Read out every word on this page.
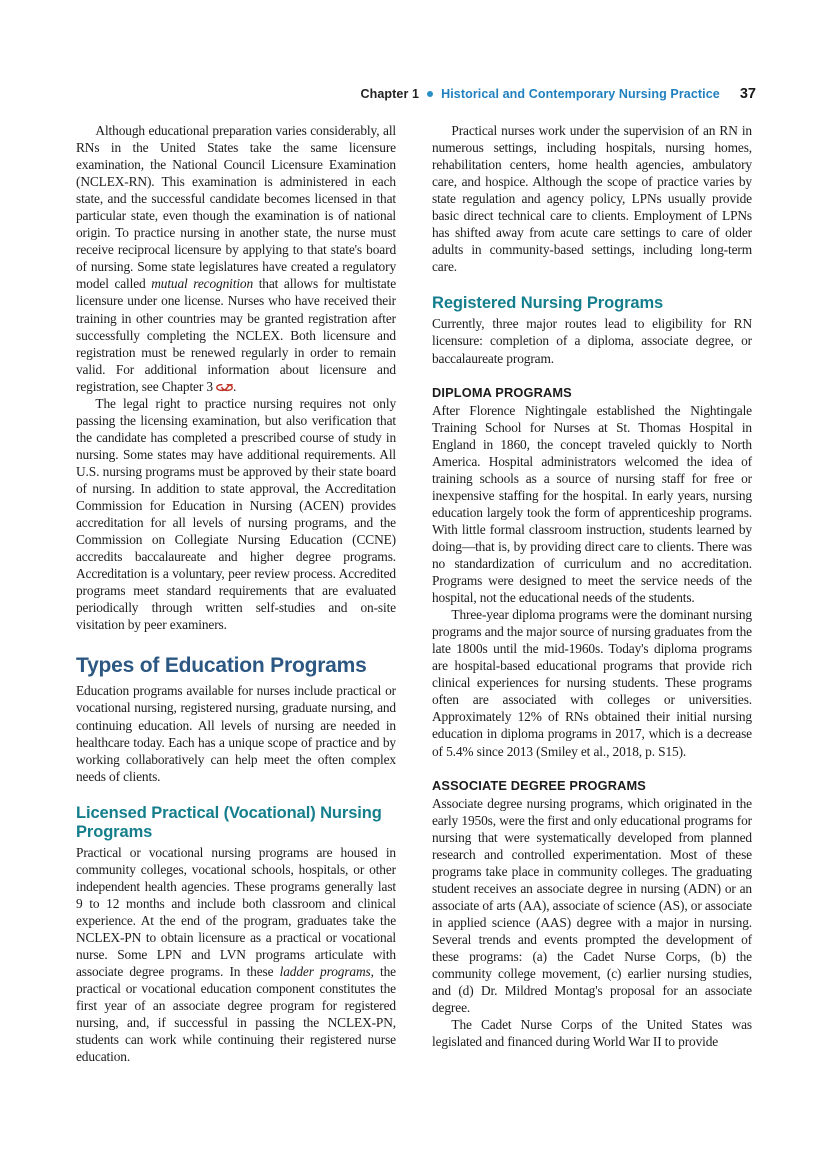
Chapter 1 Historical and Contemporary Nursing Practice 37

Although educational preparation varies considerably, all RNs in the United States take the same licensure examination, the National Council Licensure Examination (NCLEX-RN). This examination is administered in each state, and the successful candidate becomes licensed in that particular state, even though the examination is of national origin. To practice nursing in another state, the nurse must receive reciprocal licensure by applying to that state's board of nursing. Some state legislatures have created a regulatory model called mutual recognition that allows for multistate licensure under one license. Nurses who have received their training in other countries may be granted registration after successfully completing the NCLEX. Both licensure and registration must be renewed regularly in order to remain valid. For additional information about licensure and registration, see Chapter 3 .

The legal right to practice nursing requires not only passing the licensing examination, but also verification that the candidate has completed a prescribed course of study in nursing. Some states may have additional requirements. All U.S. nursing programs must be approved by their state board of nursing. In addition to state approval, the Accreditation Commission for Education in Nursing (ACEN) provides accreditation for all levels of nursing programs, and the Commission on Collegiate Nursing Education (CCNE) accredits baccalaureate and higher degree programs. Accreditation is a voluntary, peer review process. Accredited programs meet standard requirements that are evaluated periodically through written self-studies and on-site visitation by peer examiners.

Types of Education Programs

Education programs available for nurses include practical or vocational nursing, registered nursing, graduate nursing, and continuing education. All levels of nursing are needed in healthcare today. Each has a unique scope of practice and by working collaboratively can help meet the often complex needs of clients.

Licensed Practical (Vocational) Nursing Programs

Practical or vocational nursing programs are housed in community colleges, vocational schools, hospitals, or other independent health agencies. These programs generally last 9 to 12 months and include both classroom and clinical experience. At the end of the program, graduates take the NCLEX-PN to obtain licensure as a practical or vocational nurse. Some LPN and LVN programs articulate with associate degree programs. In these ladder programs, the practical or vocational education component constitutes the first year of an associate degree program for registered nursing, and, if successful in passing the NCLEX-PN, students can work while continuing their registered nurse education.

Practical nurses work under the supervision of an RN in numerous settings, including hospitals, nursing homes, rehabilitation centers, home health agencies, ambulatory care, and hospice. Although the scope of practice varies by state regulation and agency policy, LPNs usually provide basic direct technical care to clients. Employment of LPNs has shifted away from acute care settings to care of older adults in community-based settings, including long-term care.

Registered Nursing Programs

Currently, three major routes lead to eligibility for RN licensure: completion of a diploma, associate degree, or baccalaureate program.

DIPLOMA PROGRAMS

After Florence Nightingale established the Nightingale Training School for Nurses at St. Thomas Hospital in England in 1860, the concept traveled quickly to North America. Hospital administrators welcomed the idea of training schools as a source of nursing staff for free or inexpensive staffing for the hospital. In early years, nursing education largely took the form of apprenticeship programs. With little formal classroom instruction, students learned by doing—that is, by providing direct care to clients. There was no standardization of curriculum and no accreditation. Programs were designed to meet the service needs of the hospital, not the educational needs of the students.

Three-year diploma programs were the dominant nursing programs and the major source of nursing graduates from the late 1800s until the mid-1960s. Today's diploma programs are hospital-based educational programs that provide rich clinical experiences for nursing students. These programs often are associated with colleges or universities. Approximately 12% of RNs obtained their initial nursing education in diploma programs in 2017, which is a decrease of 5.4% since 2013 (Smiley et al., 2018, p. S15).

ASSOCIATE DEGREE PROGRAMS

Associate degree nursing programs, which originated in the early 1950s, were the first and only educational programs for nursing that were systematically developed from planned research and controlled experimentation. Most of these programs take place in community colleges. The graduating student receives an associate degree in nursing (ADN) or an associate of arts (AA), associate of science (AS), or associate in applied science (AAS) degree with a major in nursing. Several trends and events prompted the development of these programs: (a) the Cadet Nurse Corps, (b) the community college movement, (c) earlier nursing studies, and (d) Dr. Mildred Montag's proposal for an associate degree.

The Cadet Nurse Corps of the United States was legislated and financed during World War II to provide
